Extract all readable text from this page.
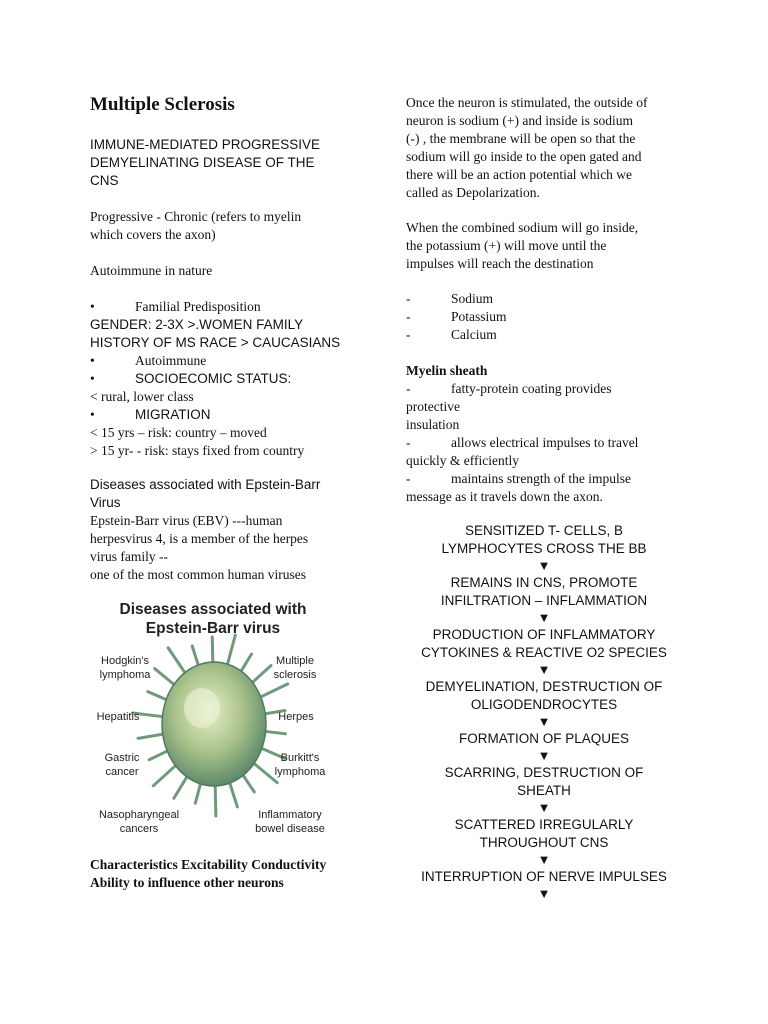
Multiple Sclerosis
IMMUNE-MEDIATED PROGRESSIVE
DEMYELINATING DISEASE OF THE
CNS
Progressive - Chronic (refers to myelin
which covers the axon)
Autoimmune in nature
•	Familial Predisposition
GENDER: 2-3X >.WOMEN FAMILY
HISTORY OF MS RACE > CAUCASIANS
•	Autoimmune
•	SOCIOECOMIC STATUS:
< rural, lower class
•	MIGRATION
< 15 yrs – risk: country – moved
> 15 yr- - risk: stays fixed from country
Diseases associated with Epstein-Barr Virus
Epstein-Barr virus (EBV) ---human
herpesvirus 4, is a member of the herpes
virus family --
one of the most common human viruses
Characteristics Excitability Conductivity
Ability to influence other neurons
Diseases associated with
Epstein-Barr virus
Hodgkin's
lymphoma
Multiple
sclerosis
Hepatitis	Herpes
Gastric
cancer
Burkitt's
lymphoma
Nasopharyngeal
cancers
Inflammatory
bowel disease
Once the neuron is stimulated, the outside of
neuron is sodium (+) and inside is sodium
(-) , the membrane will be open so that the
sodium will go inside to the open gated and
there will be an action potential which we
called as Depolarization.
When the combined sodium will go inside,
the potassium (+) will move until the
impulses will reach the destination
-	Sodium
-	Potassium
-	Calcium
Myelin sheath
-	fatty-protein coating provides
protective
insulation
-	allows electrical impulses to travel
quickly & efficiently
-	maintains strength of the impulse
message as it travels down the axon.
SENSITIZED T- CELLS, B
LYMPHOCYTES CROSS THE BB
▼
REMAINS IN CNS, PROMOTE
INFILTRATION – INFLAMMATION
▼
PRODUCTION OF INFLAMMATORY
CYTOKINES & REACTIVE O2 SPECIES
▼
DEMYELINATION, DESTRUCTION OF
OLIGODENDROCYTES
▼
FORMATION OF PLAQUES
▼
SCARRING, DESTRUCTION OF
SHEATH
▼
SCATTERED IRREGULARLY
THROUGHOUT CNS
▼
INTERRUPTION OF NERVE IMPULSES
▼
